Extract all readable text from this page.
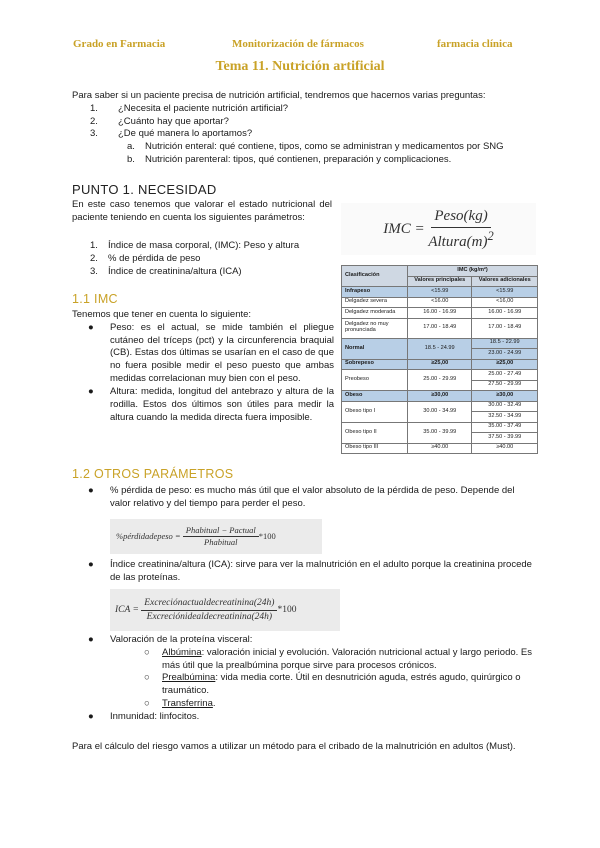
Grado en Farmacia	Monitorización de fármacos	farmacia clínica
Tema 11. Nutrición artificial
Para saber si un paciente precisa de nutrición artificial, tendremos que hacernos varias preguntas:
1.	¿Necesita el paciente nutrición artificial?
2.	¿Cuánto hay que aportar?
3.	¿De qué manera lo aportamos?
a.	Nutrición enteral: qué contiene, tipos, como se administran y medicamentos por SNG
b.	Nutrición parenteral: tipos, qué contienen, preparación y complicaciones.
PUNTO 1. NECESIDAD
En este caso tenemos que valorar el estado nutricional del paciente teniendo en cuenta los siguientes parámetros:
1.	Índice de masa corporal, (IMC): Peso y altura
2.	% de pérdida de peso
3.	Índice de creatinina/altura (ICA)
IMC =
$\frac{\text{Peso(kg)}}{Altura(m)^2}$
Clasificación	IMC (kg/m²)	
	Valores principales	Valores adicionales
Infrapeso	<15.99	<15.99
Delgadez severa	<16.00	<16,00
Delgadez moderada	16.00 - 16.99	16.00 - 16.99
Delgadez no muy pronunciada	17.00 - 18.49	17.00 - 18.49
Normal	18.5 - 24.99	18.5 - 22.99
		23.00 - 24.99
Sobrepeso	≥25,00	≥25,00
Preobeso	25.00 - 29.99	25.00 - 27.49
		27.50 - 29.99
Obeso	≥30,00	≥30,00
Obeso tipo I	30.00 - 34.99	30.00 - 32.49
		32.50 - 34.99
Obeso tipo II	35.00 - 39.99	35.00 - 37.49
		37.50 - 39.99
Obeso tipo III	≥40.00	≥40.00
1.1 IMC
Tenemos que tener en cuenta lo siguiente:
●	Peso: es el actual, se mide también el pliegue cutáneo del tríceps (pct) y la circunferencia braquial (CB). Estas dos últimas se usarían en el caso de que no fuera posible medir el peso puesto que ambas medidas correlacionan muy bien con el peso.
●	Altura: medida, longitud del antebrazo y altura de la rodilla. Estos dos últimos son útiles para medir la altura cuando la medida directa fuera imposible.
1.2 OTROS PARÁMETROS
●	% pérdida de peso: es mucho más útil que el valor absoluto de la pérdida de peso. Depende del valor relativo y del tiempo para perder el peso.
%pérdidadepeso =
$\frac{\text{Phabitual − Pactual}}{\text{Phabitual}} *100$
●	Índice creatinina/altura (ICA): sirve para ver la malnutrición en el adulto porque la creatinina procede de las proteínas.
ICA =
$\frac{\text{Excreciónactualdecreatinina(24h)}}{\text{Excreciónidealdecreatinina(24h)}} *100$
●	Valoración de la proteína visceral:
○	Albúmina: valoración inicial y evolución. Valoración nutricional actual y largo periodo. Es más útil que la prealbúmina porque sirve para procesos crónicos.
○	Prealbúmina: vida media corte. Útil en desnutrición aguda, estrés agudo, quirúrgico o traumático.
○	Transferrina.
●	Inmunidad: linfocitos.
Para el cálculo del riesgo vamos a utilizar un método para el cribado de la malnutrición en adultos (Must).
